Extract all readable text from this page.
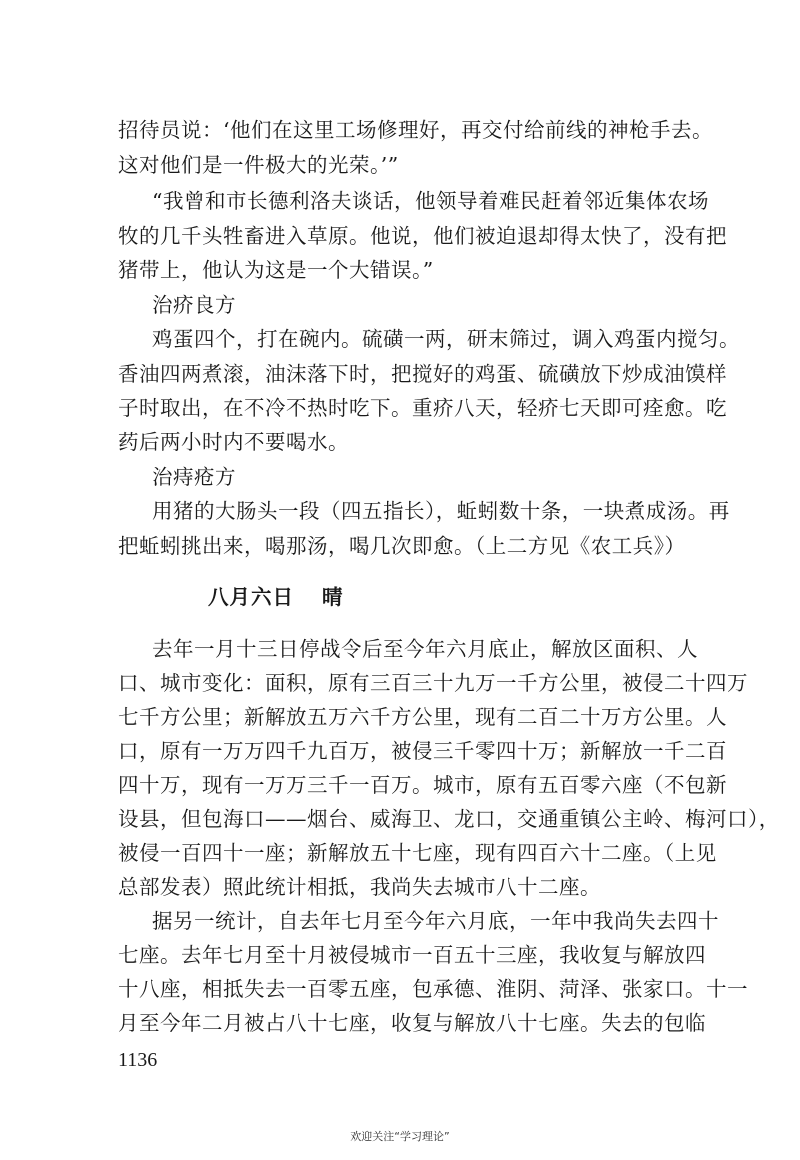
招待员说：‘他们在这里工场修理好，再交付给前线的神枪手去。
这对他们是一件极大的光荣。’”
“我曾和市长德利洛夫谈话，他领导着难民赶着邻近集体农场
牧的几千头牲畜进入草原。他说，他们被迫退却得太快了，没有把
猪带上，他认为这是一个大错误。”
治疥良方
鸡蛋四个，打在碗内。硫磺一两，研末筛过，调入鸡蛋内搅匀。
香油四两煮滚，油沫落下时，把搅好的鸡蛋、硫磺放下炒成油馍样
子时取出，在不冷不热时吃下。重疥八天，轻疥七天即可痊愈。吃
药后两小时内不要喝水。
治痔疮方
用猪的大肠头一段（四五指长），蚯蚓数十条，一块煮成汤。再
把蚯蚓挑出来，喝那汤，喝几次即愈。（上二方见《农工兵》）
八月六日 晴
去年一月十三日停战令后至今年六月底止，解放区面积、人
口、城市变化：面积，原有三百三十九万一千方公里，被侵二十四万
七千方公里；新解放五万六千方公里，现有二百二十万方公里。人
口，原有一万万四千九百万，被侵三千零四十万；新解放一千二百
四十万，现有一万万三千一百万。城市，原有五百零六座（不包新
设县，但包海口——烟台、威海卫、龙口，交通重镇公主岭、梅河口），
被侵一百四十一座；新解放五十七座，现有四百六十二座。（上见
总部发表）照此统计相抵，我尚失去城市八十二座。
据另一统计，自去年七月至今年六月底，一年中我尚失去四十
七座。去年七月至十月被侵城市一百五十三座，我收复与解放四
十八座，相抵失去一百零五座，包承德、淮阴、菏泽、张家口。十一
月至今年二月被占八十七座，收复与解放八十七座。失去的包临
1136
欢迎关注“学习理论”
